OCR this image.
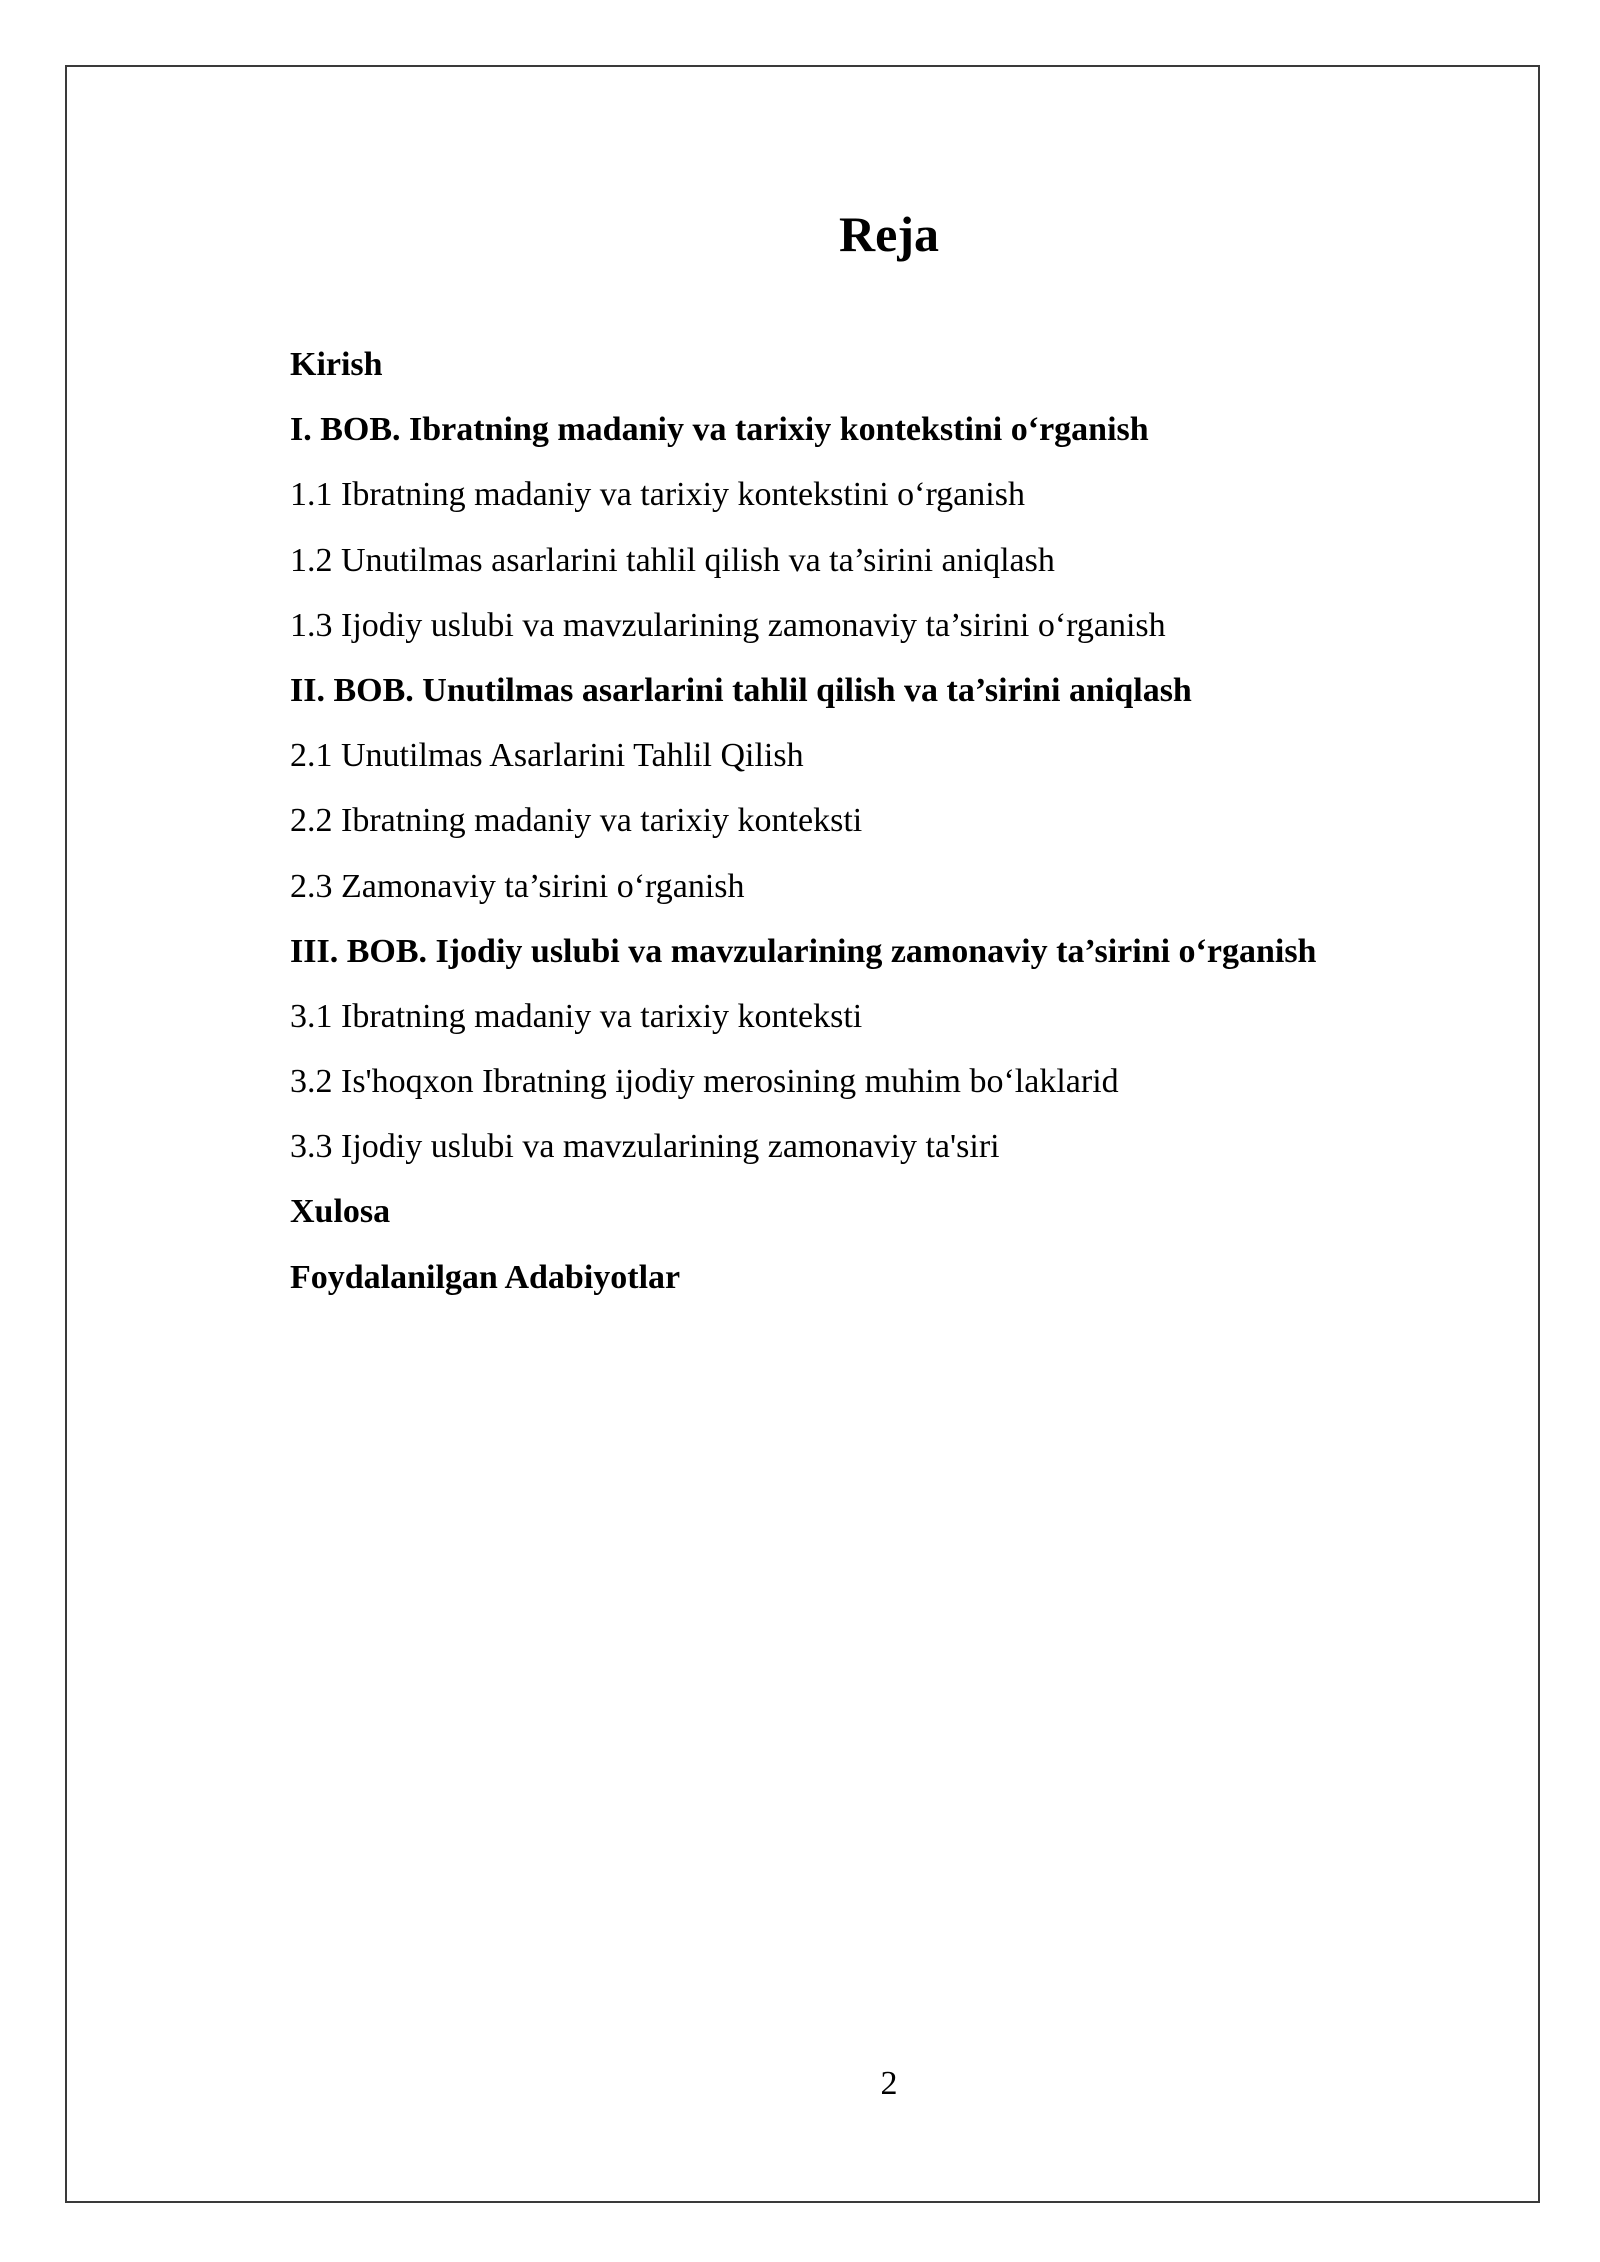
Reja
Kirish
I. BOB. Ibratning madaniy va tarixiy kontekstini o‘rganish
1.1 Ibratning madaniy va tarixiy kontekstini o‘rganish
1.2 Unutilmas asarlarini tahlil qilish va ta’sirini aniqlash
1.3 Ijodiy uslubi va mavzularining zamonaviy ta’sirini o‘rganish
II. BOB. Unutilmas asarlarini tahlil qilish va ta’sirini aniqlash
2.1 Unutilmas Asarlarini Tahlil Qilish
2.2 Ibratning madaniy va tarixiy konteksti
2.3 Zamonaviy ta’sirini o‘rganish
III. BOB. Ijodiy uslubi va mavzularining zamonaviy ta’sirini o‘rganish
3.1 Ibratning madaniy va tarixiy konteksti
3.2 Is'hoqxon Ibratning ijodiy merosining muhim bo‘laklarid
3.3 Ijodiy uslubi va mavzularining zamonaviy ta'siri
Xulosa
Foydalanilgan Adabiyotlar
2
